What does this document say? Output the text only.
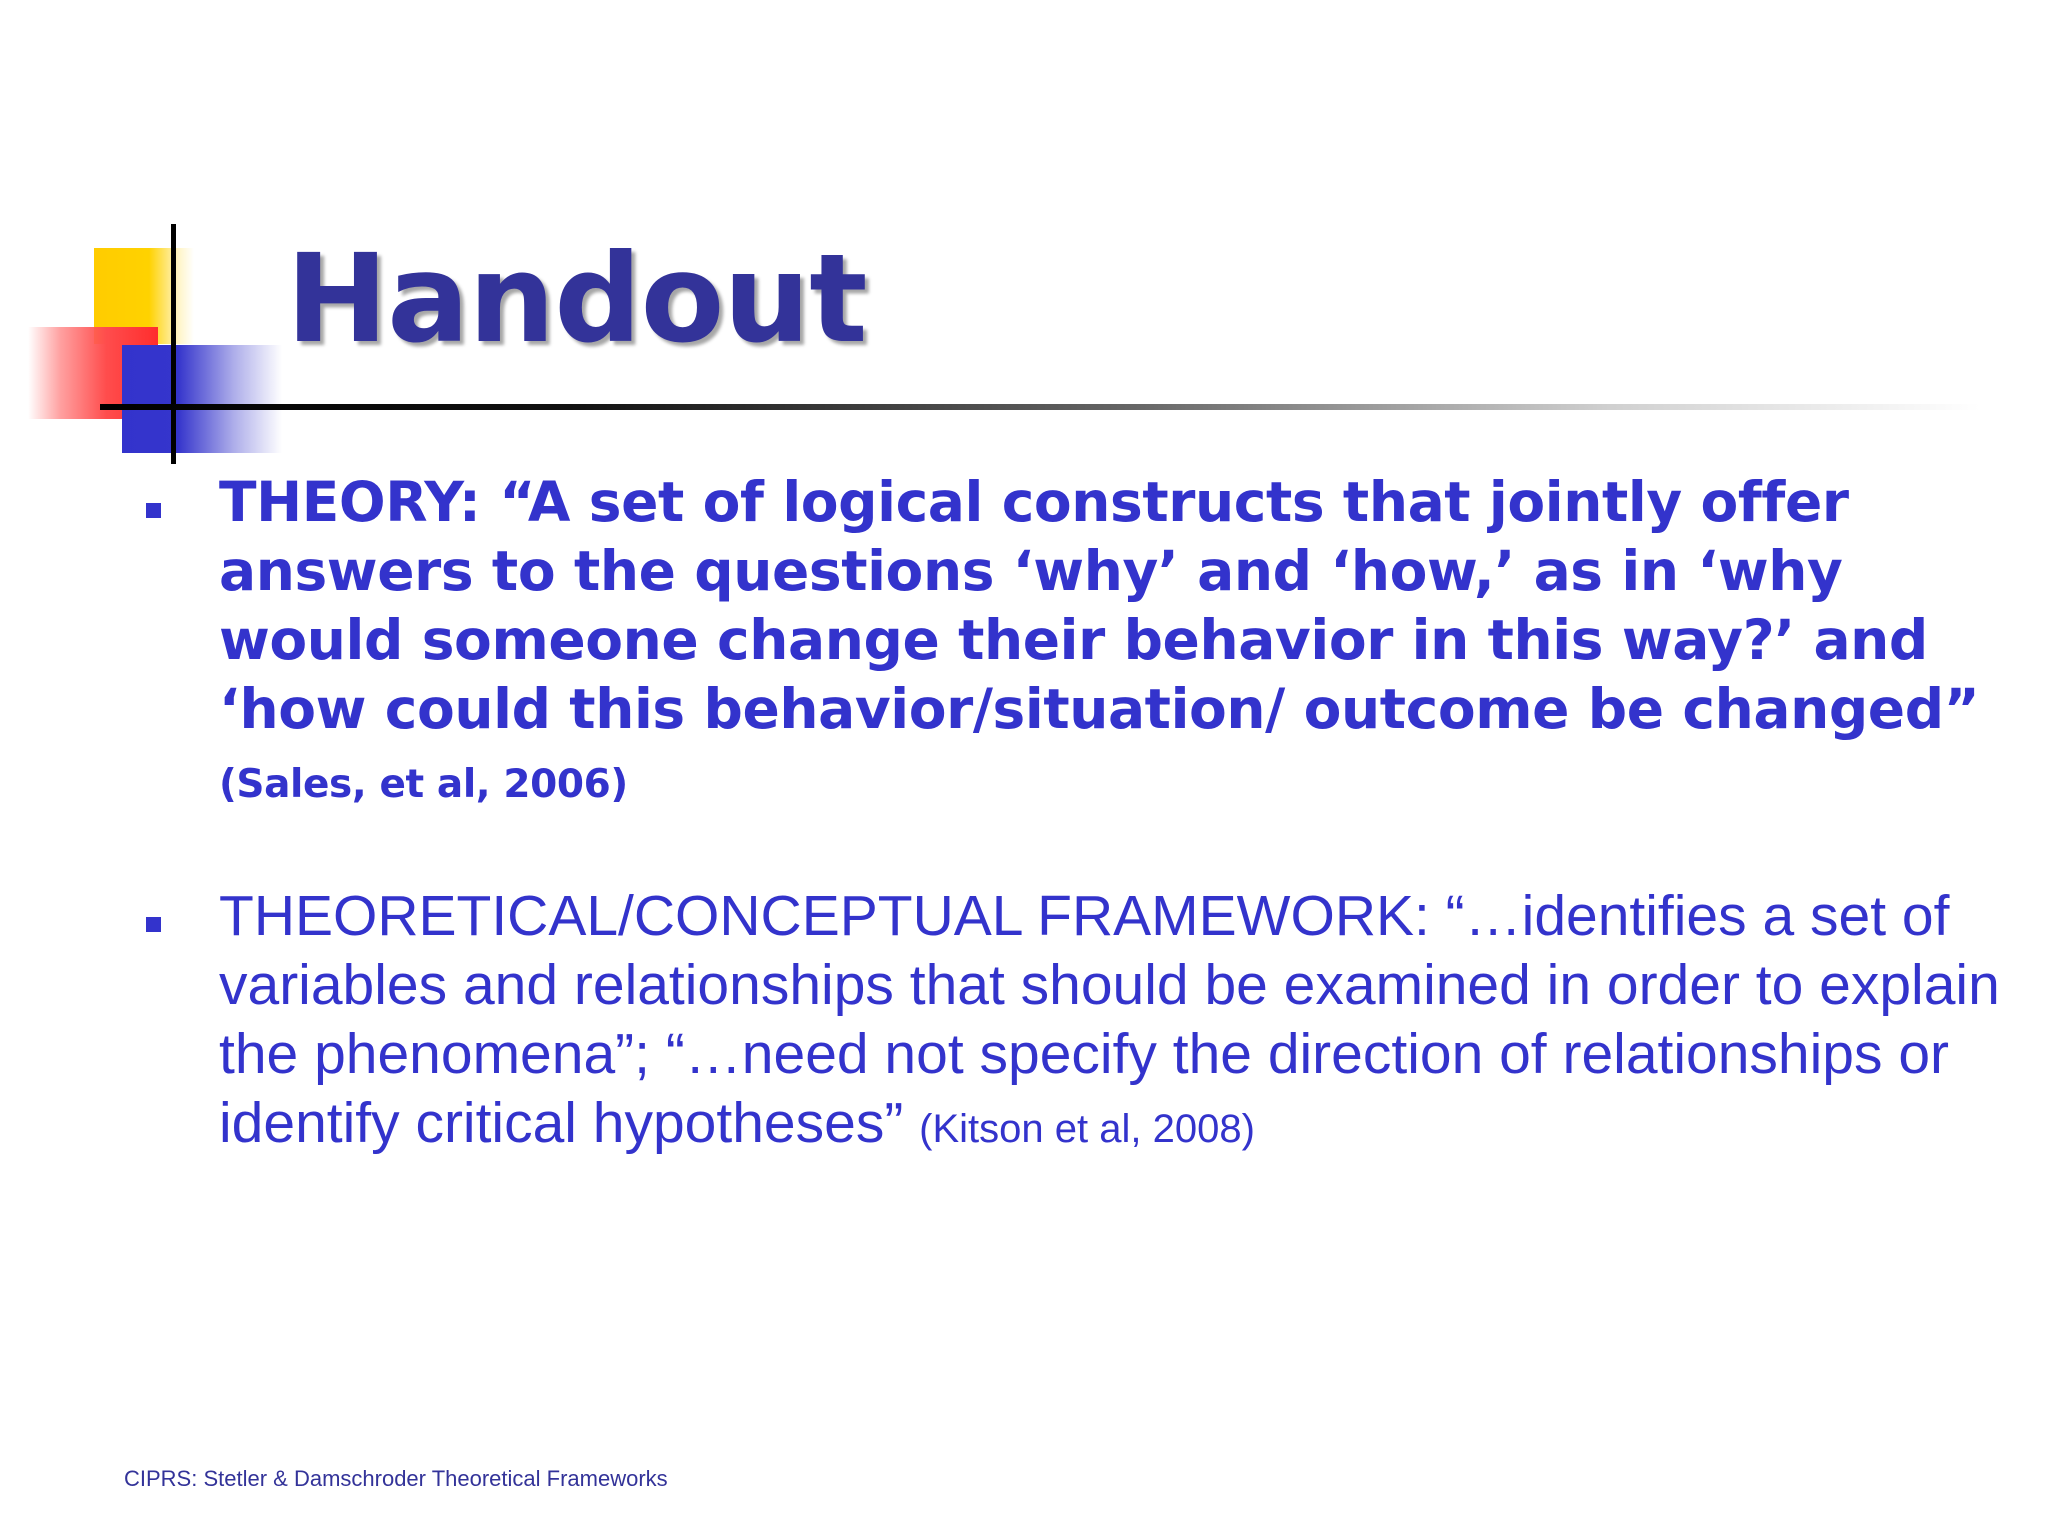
Handout
THEORY: “A set of logical constructs that jointly offer answers to the questions ‘why’ and ‘how,’ as in ‘why would someone change their behavior in this way?’ and ‘how could this behavior/situation/ outcome be changed” (Sales, et al, 2006)
THEORETICAL/CONCEPTUAL FRAMEWORK: “…identifies a set of variables and relationships that should be examined in order to explain the phenomena”; “…need not specify the direction of relationships or identify critical hypotheses” (Kitson et al, 2008)
CIPRS: Stetler & Damschroder Theoretical Frameworks
